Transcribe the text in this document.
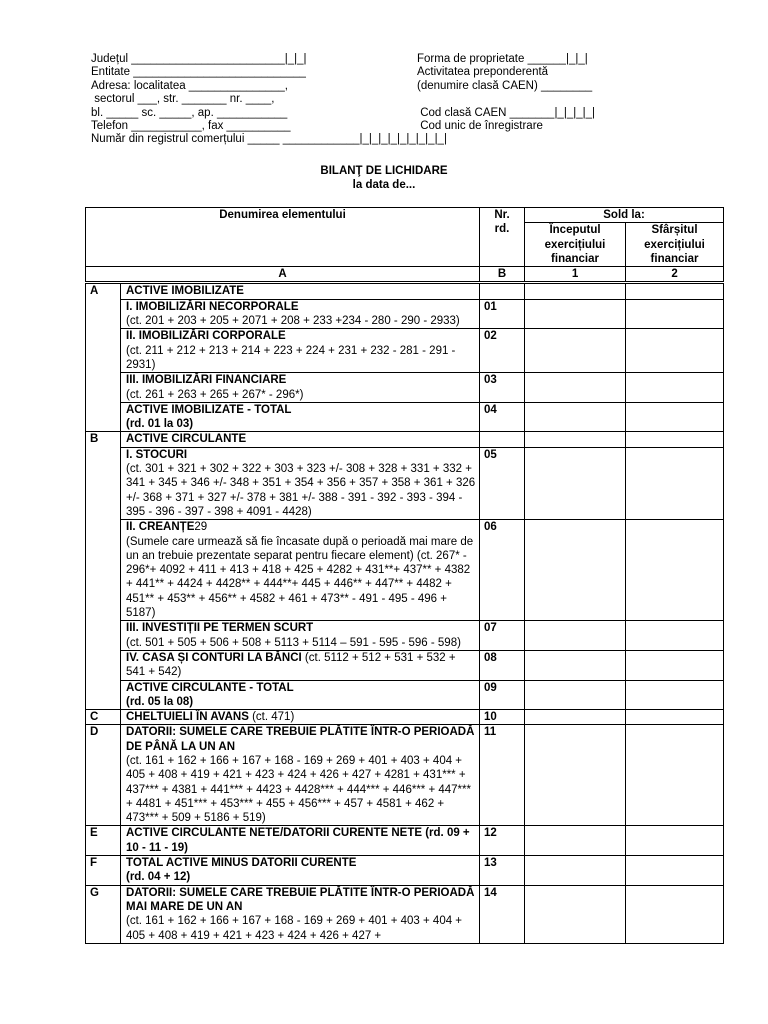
Județul ________________________|_|_|	Forma de proprietate ______|_|_|
Entitate ___________________________	Activitatea preponderentă
Adresa: localitatea _______________,	(denumire clasă CAEN) ________
sectorul ___, str. _______ nr. ____,
bl. _____ sc. _____, ap. ___________	Cod clasă CAEN _______|_|_|_|_|
Telefon ___________, fax __________	Cod unic de înregistrare
Număr din registrul comerțului _____ ____________|_|_|_|_|_|_|_|_|_|
BILANŢ DE LICHIDARE
la data de...
Denumirea elementului		Nr. rd.	Sold la:	
			Începutul exercițiului financiar	Sfârșitul exercițiului financiar
A		B	1	2
A	ACTIVE IMOBILIZATE			
	I. IMOBILIZĂRI NECORPORALE
(ct. 201 + 203 + 205 + 2071 + 208 + 233 +234 - 280 - 290 - 2933)	01		
	II. IMOBILIZĂRI CORPORALE
(ct. 211 + 212 + 213 + 214 + 223 + 224 + 231 + 232 - 281 - 291 - 2931)	02		
	III. IMOBILIZĂRI FINANCIARE
(ct. 261 + 263 + 265 + 267* - 296*)	03		
	ACTIVE IMOBILIZATE - TOTAL
(rd. 01 la 03)	04		
B	ACTIVE CIRCULANTE			
	I. STOCURI
(ct. 301 + 321 + 302 + 322 + 303 + 323 +/- 308 + 328 + 331 + 332 + 341 + 345 + 346 +/- 348 + 351 + 354 + 356 + 357 + 358 + 361 + 326 +/- 368 + 371 + 327 +/- 378 + 381 +/- 388 - 391 - 392 - 393 - 394 - 395 - 396 - 397 - 398 + 4091 - 4428)	05		
	II. CREANȚE29
(Sumele care urmează să fie încasate după o perioadă mai mare de un an trebuie prezentate separat pentru fiecare element) (ct. 267* - 296*+ 4092 + 411 + 413 + 418 + 425 + 4282 + 431**+ 437** + 4382 + 441** + 4424 + 4428** + 444**+ 445 + 446** + 447** + 4482 + 451** + 453** + 456** + 4582 + 461 + 473** - 491 - 495 - 496 + 5187)	06		
	III. INVESTIȚII PE TERMEN SCURT
(ct. 501 + 505 + 506 + 508 + 5113 + 5114 – 591 - 595 - 596 - 598)	07		
	IV. CASA ȘI CONTURI LA BĂNCI (ct. 5112 + 512 + 531 + 532 + 541 + 542)	08		
	ACTIVE CIRCULANTE - TOTAL
(rd. 05 la 08)	09		
C	CHELTUIELI ÎN AVANS (ct. 471)	10		
D	DATORII: SUMELE CARE TREBUIE PLĂTITE ÎNTR-O PERIOADĂ DE PÂNĂ LA UN AN
(ct. 161 + 162 + 166 + 167 + 168 - 169 + 269 + 401 + 403 + 404 + 405 + 408 + 419 + 421 + 423 + 424 + 426 + 427 + 4281 + 431*** + 437*** + 4381 + 441*** + 4423 + 4428*** + 444*** + 446*** + 447*** + 4481 + 451*** + 453*** + 455 + 456*** + 457 + 4581 + 462 + 473*** + 509 + 5186 + 519)	11		
E	ACTIVE CIRCULANTE NETE/DATORII CURENTE NETE (rd. 09 + 10 - 11 - 19)	12		
F	TOTAL ACTIVE MINUS DATORII CURENTE
(rd. 04 + 12)	13		
G	DATORII: SUMELE CARE TREBUIE PLĂTITE ÎNTR-O PERIOADĂ MAI MARE DE UN AN
(ct. 161 + 162 + 166 + 167 + 168 - 169 + 269 + 401 + 403 + 404 + 405 + 408 + 419 + 421 + 423 + 424 + 426 + 427 +	14		
